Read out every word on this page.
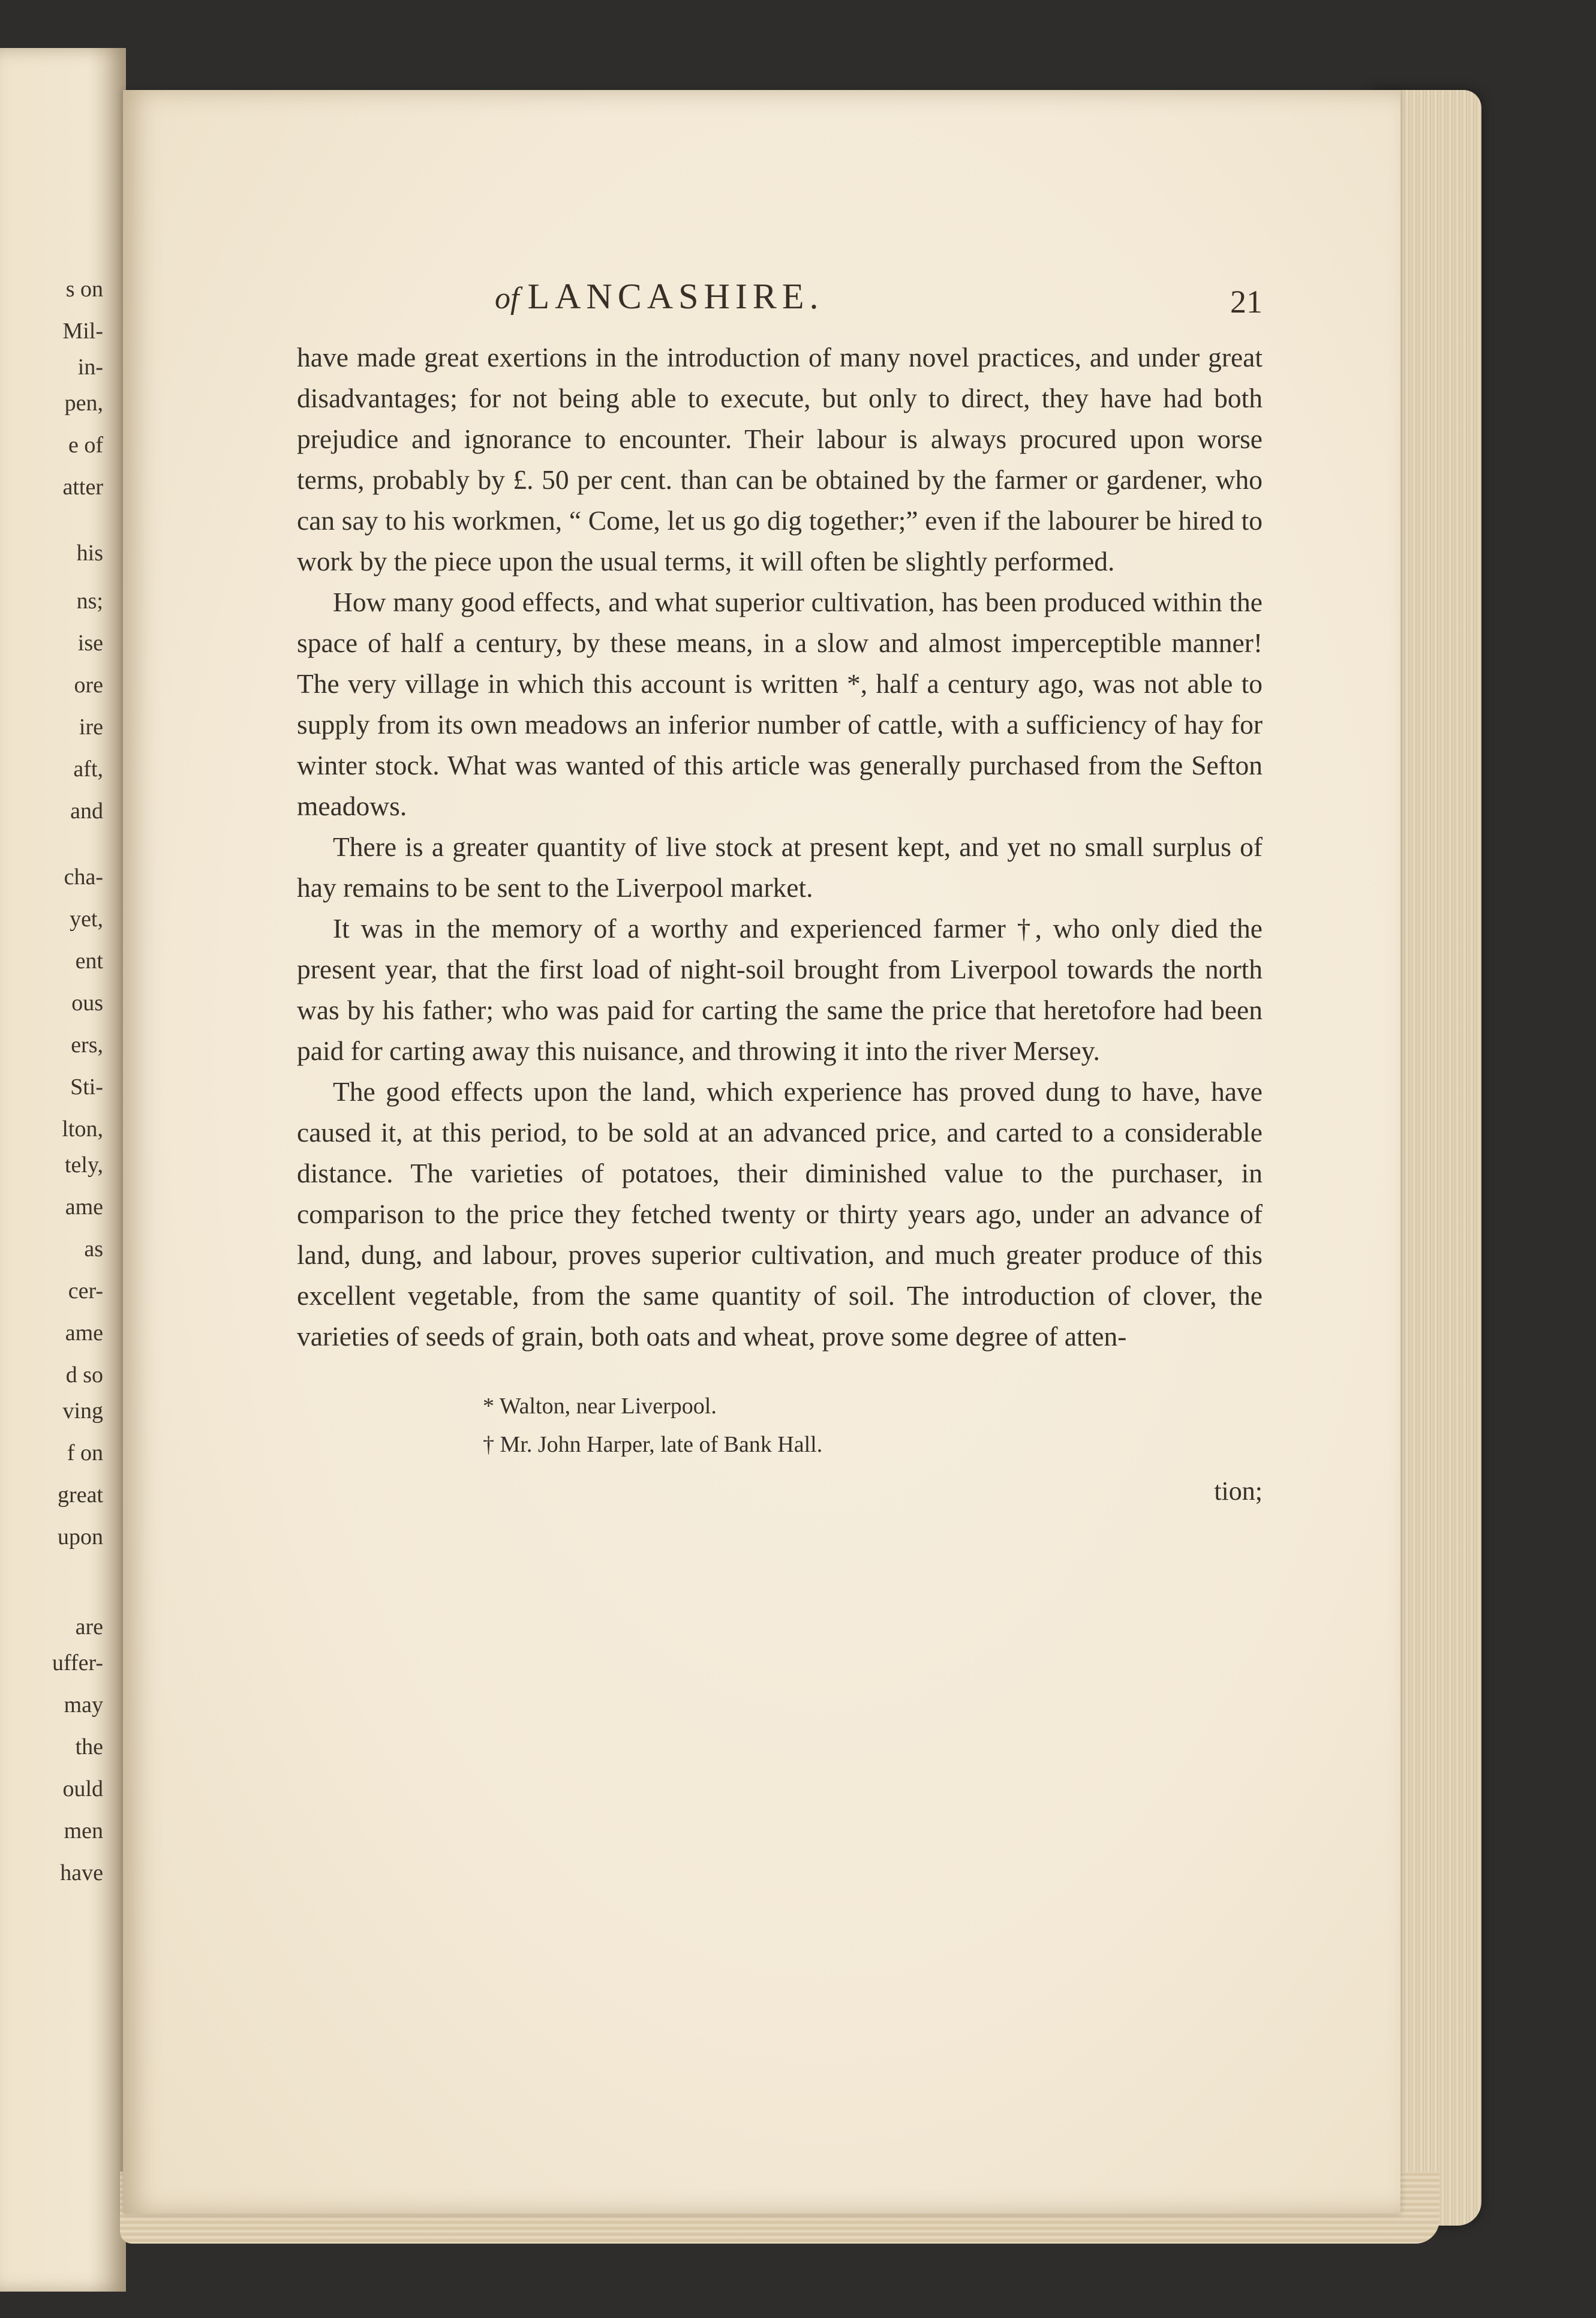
s on
Mil-
in-
pen,
e of
atter
his
ns;
ise
ore
ire
aft,
and
cha-
yet,
ent
ous
ers,
Sti-
lton,
tely,
ame
as
cer-
ame
d so
ving
f on
great
upon
are
uffer-
may
the
ould
men
have
of LANCASHIRE.	21

have made great exertions in the introduction of many novel practices, and under great disadvantages; for not being able to execute, but only to direct, they have had both prejudice and ignorance to encounter. Their labour is always procured upon worse terms, probably by £. 50 per cent. than can be obtained by the farmer or gardener, who can say to his workmen, “ Come, let us go dig together;” even if the labourer be hired to work by the piece upon the usual terms, it will often be slightly performed.

How many good effects, and what superior cultivation, has been produced within the space of half a century, by these means, in a slow and almost imperceptible manner! The very village in which this account is written *, half a century ago, was not able to supply from its own meadows an inferior number of cattle, with a sufficiency of hay for winter stock. What was wanted of this article was generally purchased from the Sefton meadows.

There is a greater quantity of live stock at present kept, and yet no small surplus of hay remains to be sent to the Liverpool market.

It was in the memory of a worthy and experienced farmer †, who only died the present year, that the first load of night-soil brought from Liverpool towards the north was by his father; who was paid for carting the same the price that heretofore had been paid for carting away this nuisance, and throwing it into the river Mersey.

The good effects upon the land, which experience has proved dung to have, have caused it, at this period, to be sold at an advanced price, and carted to a considerable distance. The varieties of potatoes, their diminished value to the purchaser, in comparison to the price they fetched twenty or thirty years ago, under an advance of land, dung, and labour, proves superior cultivation, and much greater produce of this excellent vegetable, from the same quantity of soil. The introduction of clover, the varieties of seeds of grain, both oats and wheat, prove some degree of atten-

* Walton, near Liverpool.
† Mr. John Harper, late of Bank Hall.
tion;
